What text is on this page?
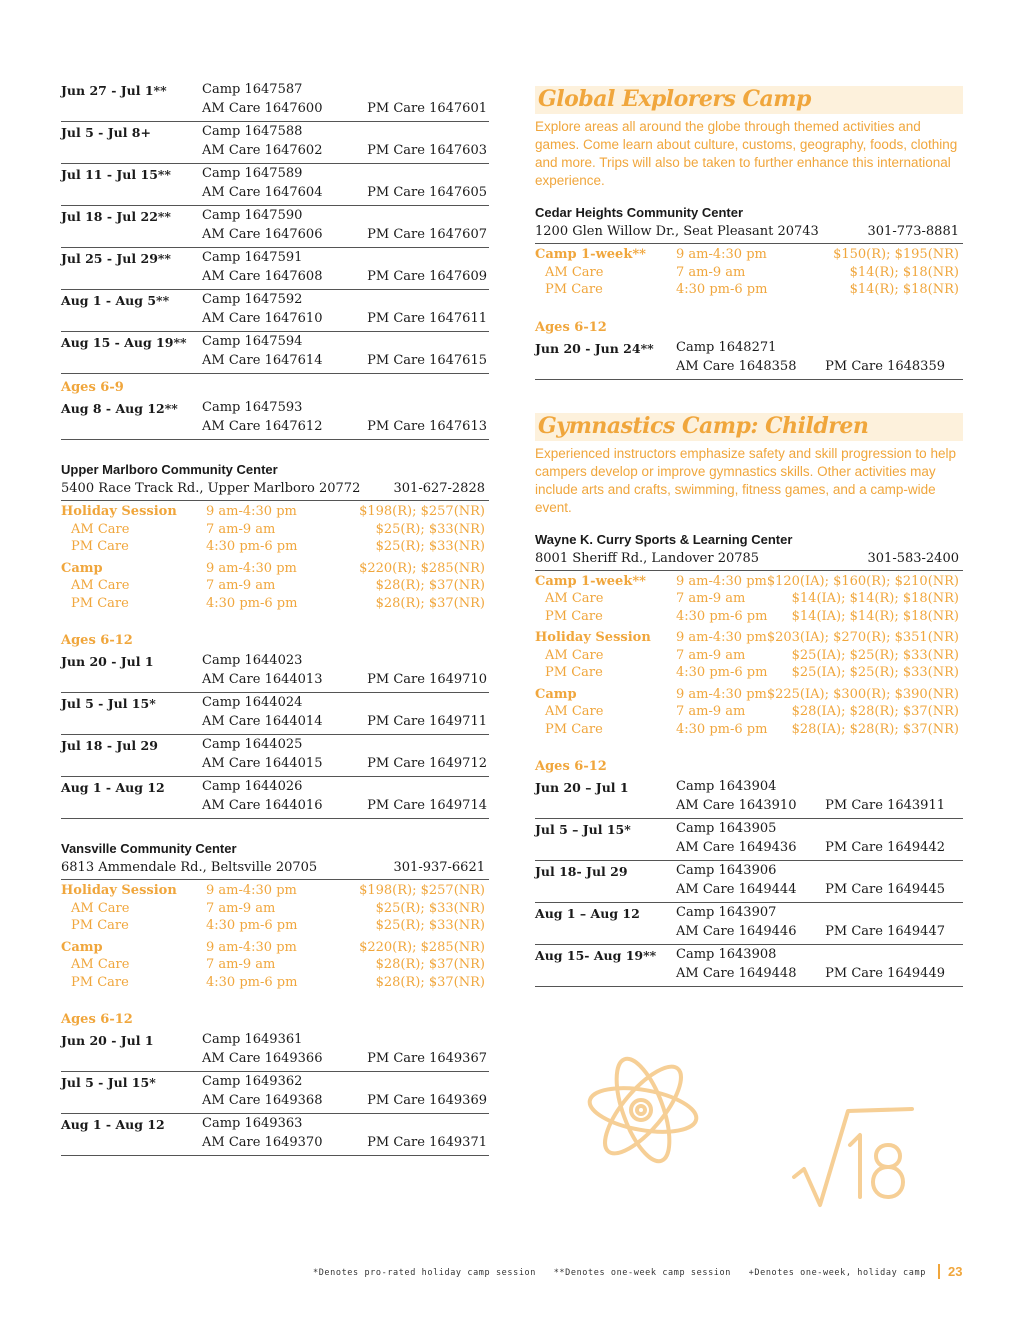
Jun 27 - Jul 1**	Camp 1647587
AM Care 1647600	PM Care 1647601
Jul 5 - Jul 8+	Camp 1647588
AM Care 1647602	PM Care 1647603
Jul 11 - Jul 15** Camp 1647589
AM Care 1647604	PM Care 1647605
Jul 18 - Jul 22** Camp 1647590
AM Care 1647606	PM Care 1647607
Jul 25 - Jul 29** Camp 1647591
AM Care 1647608	PM Care 1647609
Aug 1 - Aug 5**	Camp 1647592
AM Care 1647610	PM Care 1647611
Aug 15 - Aug 19** Camp 1647594
AM Care 1647614	PM Care 1647615
Ages 6-9
Aug 8 - Aug 12** Camp 1647593
AM Care 1647612	PM Care 1647613
Upper Marlboro Community Center
5400 Race Track Rd., Upper Marlboro 20772	301-627-2828
Holiday Session 9 am-4:30 pm	$198(R); $257(NR)
AM Care	7 am-9 am	$25(R); $33(NR)
PM Care	4:30 pm-6 pm	$25(R); $33(NR)
Camp	9 am-4:30 pm	$220(R); $285(NR)
AM Care	7 am-9 am	$28(R); $37(NR)
PM Care	4:30 pm-6 pm	$28(R); $37(NR)
Ages 6-12
Jun 20 - Jul 1	Camp 1644023
AM Care 1644013	PM Care 1649710
Jul 5 - Jul 15*	Camp 1644024
AM Care 1644014	PM Care 1649711
Jul 18 - Jul 29	Camp 1644025
AM Care 1644015	PM Care 1649712
Aug 1 - Aug 12	Camp 1644026
AM Care 1644016	PM Care 1649714
Vansville Community Center
6813 Ammendale Rd., Beltsville 20705	301-937-6621
Holiday Session 9 am-4:30 pm	$198(R); $257(NR)
AM Care	7 am-9 am	$25(R); $33(NR)
PM Care	4:30 pm-6 pm	$25(R); $33(NR)
Camp	9 am-4:30 pm	$220(R); $285(NR)
AM Care	7 am-9 am	$28(R); $37(NR)
PM Care	4:30 pm-6 pm	$28(R); $37(NR)
Ages 6-12
Jun 20 - Jul 1	Camp 1649361
AM Care 1649366	PM Care 1649367
Jul 5 - Jul 15*	Camp 1649362
AM Care 1649368	PM Care 1649369
Aug 1 - Aug 12	Camp 1649363
AM Care 1649370	PM Care 1649371
Global Explorers Camp
Explore areas all around the globe through themed activities and games. Come learn about culture, customs, geography, foods, clothing and more. Trips will also be taken to further enhance this international experience.
Cedar Heights Community Center
1200 Glen Willow Dr., Seat Pleasant 20743	301-773-8881
Camp 1-week** 9 am-4:30 pm	$150(R); $195(NR)
AM Care	7 am-9 am	$14(R); $18(NR)
PM Care	4:30 pm-6 pm	$14(R); $18(NR)
Ages 6-12
Jun 20 - Jun 24** Camp 1648271
AM Care 1648358 PM Care 1648359
Gymnastics Camp: Children
Experienced instructors emphasize safety and skill progression to help campers develop or improve gymnastics skills. Other activities may include arts and crafts, swimming, fitness games, and a camp-wide event.
Wayne K. Curry Sports & Learning Center
8001 Sheriff Rd., Landover 20785	301-583-2400
Camp 1-week** 9 am-4:30 pm $120(IA); $160(R); $210(NR)
AM Care	7 am-9 am	$14(IA); $14(R); $18(NR)
PM Care	4:30 pm-6 pm $14(IA); $14(R); $18(NR)
Holiday Session 9 am-4:30 pm $203(IA); $270(R); $351(NR)
AM Care	7 am-9 am	$25(IA); $25(R); $33(NR)
PM Care	4:30 pm-6 pm $25(IA); $25(R); $33(NR)
Camp	9 am-4:30 pm $225(IA); $300(R); $390(NR)
AM Care	7 am-9 am	$28(IA); $28(R); $37(NR)
PM Care	4:30 pm-6 pm $28(IA); $28(R); $37(NR)
Ages 6-12
Jun 20 – Jul 1	Camp 1643904
AM Care 1643910 PM Care 1643911
Jul 5 – Jul 15*	Camp 1643905
AM Care 1649436 PM Care 1649442
Jul 18- Jul 29	Camp 1643906
AM Care 1649444 PM Care 1649445
Aug 1 – Aug 12	Camp 1643907
AM Care 1649446 PM Care 1649447
Aug 15- Aug 19** Camp 1643908
AM Care 1649448 PM Care 1649449
*Denotes pro-rated holiday camp session **Denotes one-week camp session +Denotes one-week, holiday camp	23
